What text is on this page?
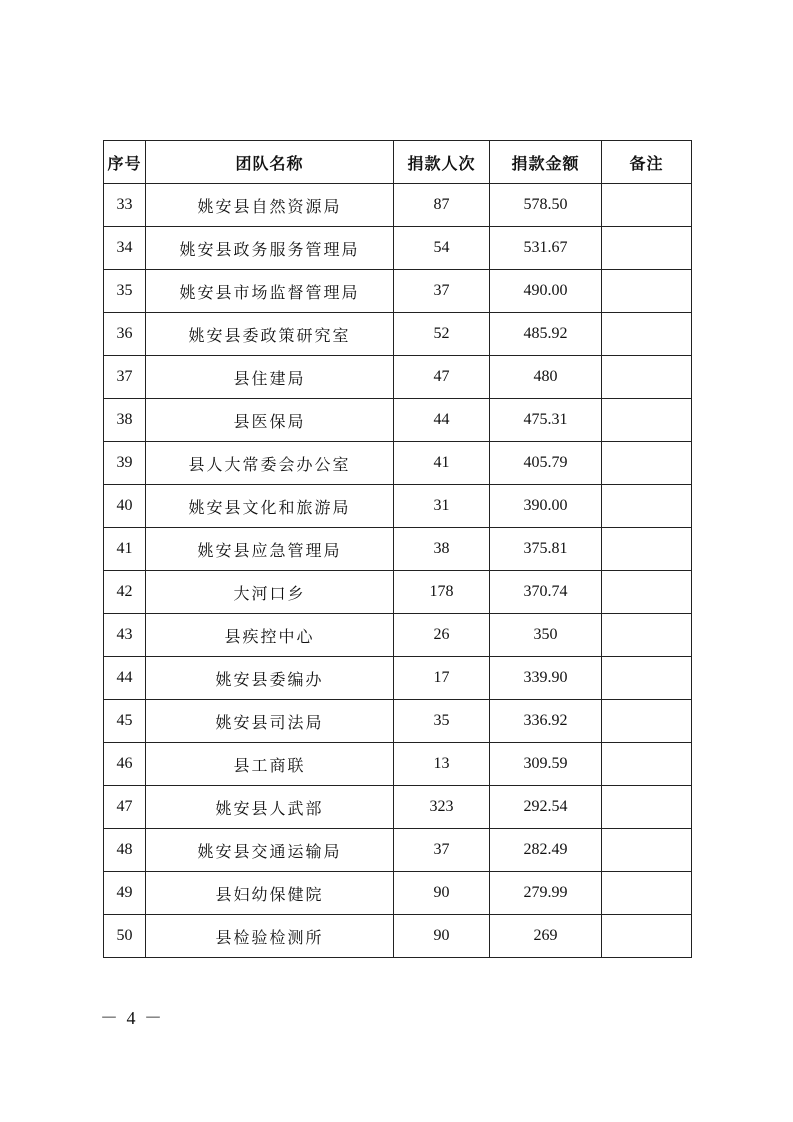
序号	团队名称	捐款人次	捐款金额	备注
33	姚安县自然资源局	87	578.50	
34	姚安县政务服务管理局	54	531.67	
35	姚安县市场监督管理局	37	490.00	
36	姚安县委政策研究室	52	485.92	
37	县住建局	47	480	
38	县医保局	44	475.31	
39	县人大常委会办公室	41	405.79	
40	姚安县文化和旅游局	31	390.00	
41	姚安县应急管理局	38	375.81	
42	大河口乡	178	370.74	
43	县疾控中心	26	350	
44	姚安县委编办	17	339.90	
45	姚安县司法局	35	336.92	
46	县工商联	13	309.59	
47	姚安县人武部	323	292.54	
48	姚安县交通运输局	37	282.49	
49	县妇幼保健院	90	279.99	
50	县检验检测所	90	269	
－ 4 －
